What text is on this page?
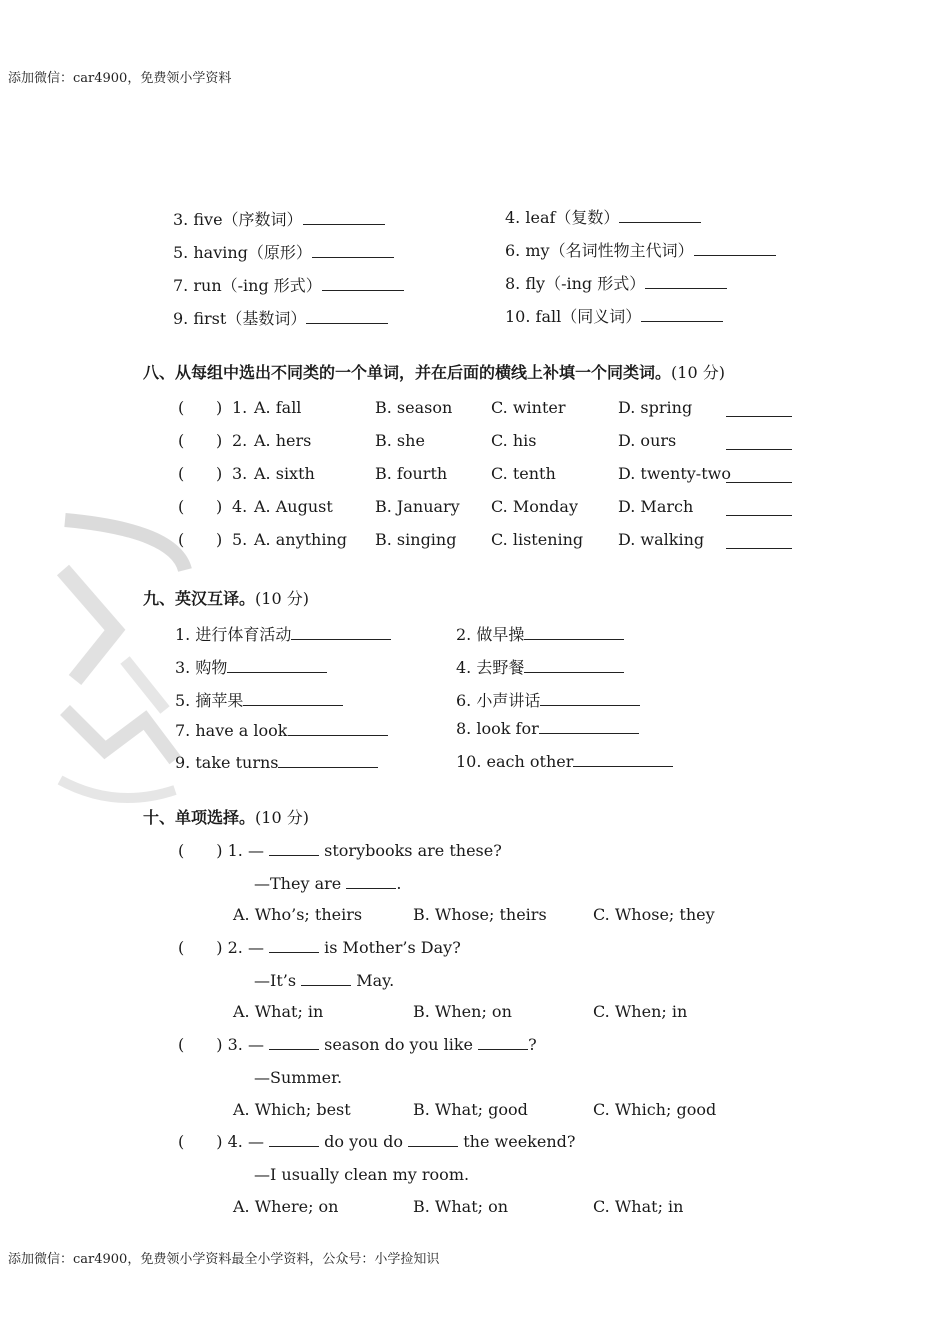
添加微信：car4900，免费领小学资料
添加微信：car4900，免费领小学资料最全小学资料，公众号：小学捡知识
3. five（序数词）	4. leaf（复数）
5. having（原形）	6. my（名词性物主代词）
7. run（-ing 形式）	8. fly（-ing 形式）
9. first（基数词）	10. fall（同义词）
八、从每组中选出不同类的一个单词，并在后面的横线上补填一个同类词。(10 分)
( ) 1. A. fall	B. season C. winter	D. spring
( ) 2. A. hers	B. she	C. his	D. ours
( ) 3. A. sixth	B. fourth	C. tenth	D. twenty-two
( ) 4. A. August	B. January C. Monday	D. March
( ) 5. A. anything B. singing C. listening D. walking
九、英汉互译。(10 分)
1. 进行体育活动	2. 做早操
3. 购物	4. 去野餐
5. 摘苹果	6. 小声讲话
7. have a look	8. look for
9. take turns	10. each other
十、单项选择。(10 分)
( ) 1. —	storybooks are these?
—They are	.
A. Who’s; theirs	B. Whose; theirs	C. Whose; they
( ) 2. —	is Mother’s Day?
—It’s	May.
A. What; in	B. When; on	C. When; in
( ) 3. —	season do you like	?
—Summer.
A. Which; best	B. What; good	C. Which; good
( ) 4. —	do you do	the weekend?
—I usually clean my room.
A. Where; on	B. What; on	C. What; in
